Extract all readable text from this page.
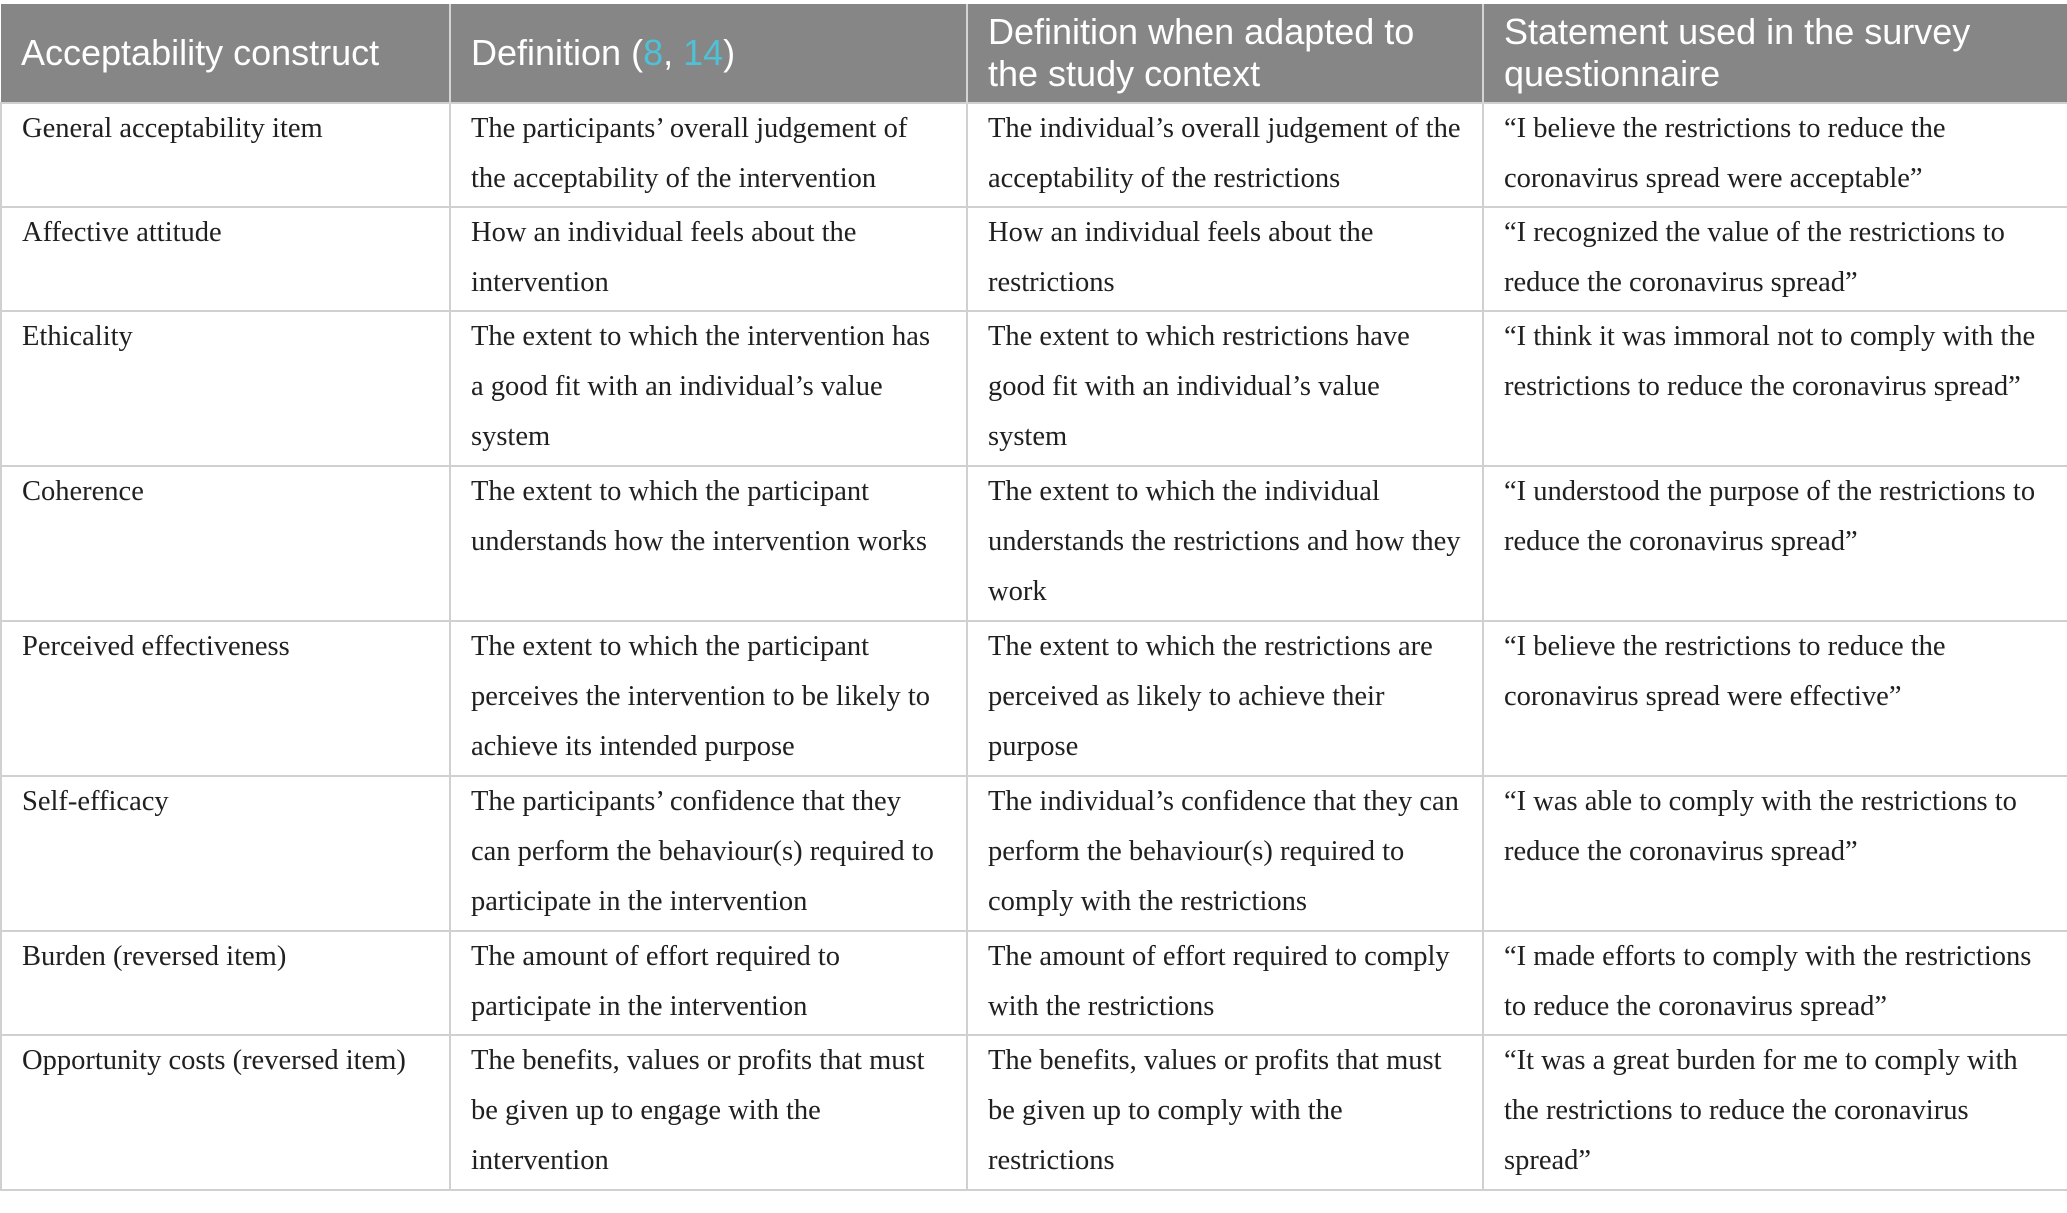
Acceptability construct	Definition (8, 14)	Definition when adapted to the study context	Statement used in the survey questionnaire
General acceptability item	The participants’ overall judgement of the acceptability of the intervention	The individual’s overall judgement of the acceptability of the restrictions	“I believe the restrictions to reduce the coronavirus spread were acceptable”
Affective attitude	How an individual feels about the intervention	How an individual feels about the restrictions	“I recognized the value of the restrictions to reduce the coronavirus spread”
Ethicality	The extent to which the intervention has a good fit with an individual’s value system	The extent to which restrictions have good fit with an individual’s value system	“I think it was immoral not to comply with the restrictions to reduce the coronavirus spread”
Coherence	The extent to which the participant understands how the intervention works	The extent to which the individual understands the restrictions and how they work	“I understood the purpose of the restrictions to reduce the coronavirus spread”
Perceived effectiveness	The extent to which the participant perceives the intervention to be likely to achieve its intended purpose	The extent to which the restrictions are perceived as likely to achieve their purpose	“I believe the restrictions to reduce the coronavirus spread were effective”
Self-efficacy	The participants’ confidence that they can perform the behaviour(s) required to participate in the intervention	The individual’s confidence that they can perform the behaviour(s) required to comply with the restrictions	“I was able to comply with the restrictions to reduce the coronavirus spread”
Burden (reversed item)	The amount of effort required to participate in the intervention	The amount of effort required to comply with the restrictions	“I made efforts to comply with the restrictions to reduce the coronavirus spread”
Opportunity costs (reversed item)	The benefits, values or profits that must be given up to engage with the intervention	The benefits, values or profits that must be given up to comply with the restrictions	“It was a great burden for me to comply with the restrictions to reduce the coronavirus spread”
